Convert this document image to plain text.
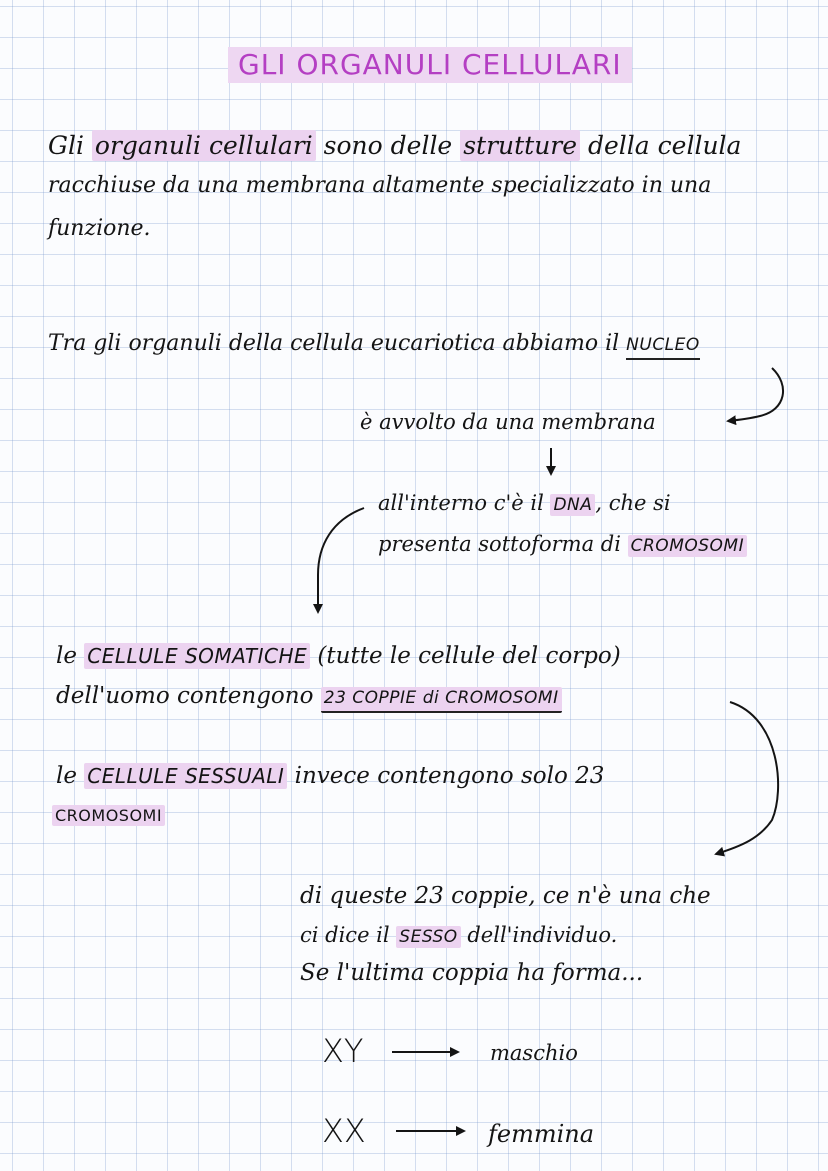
GLI ORGANULI CELLULARI
Gli organuli cellulari sono delle strutture della cellula
racchiuse da una membrana altamente specializzato in una
funzione.
Tra gli organuli della cellula eucariotica abbiamo il NUCLEO
è avvolto da una membrana
all'interno c'è il DNA , che si
presenta sottoforma di CROMOSOMI
le CELLULE SOMATICHE (tutte le cellule del corpo)
dell'uomo contengono 23 COPPIE di CROMOSOMI
le CELLULE SESSUALI invece contengono solo 23
CROMOSOMI
di queste 23 coppie, ce n'è una che
ci dice il SESSO dell'individuo.
Se l'ultima coppia ha forma...
XY	maschio
XX	femmina
